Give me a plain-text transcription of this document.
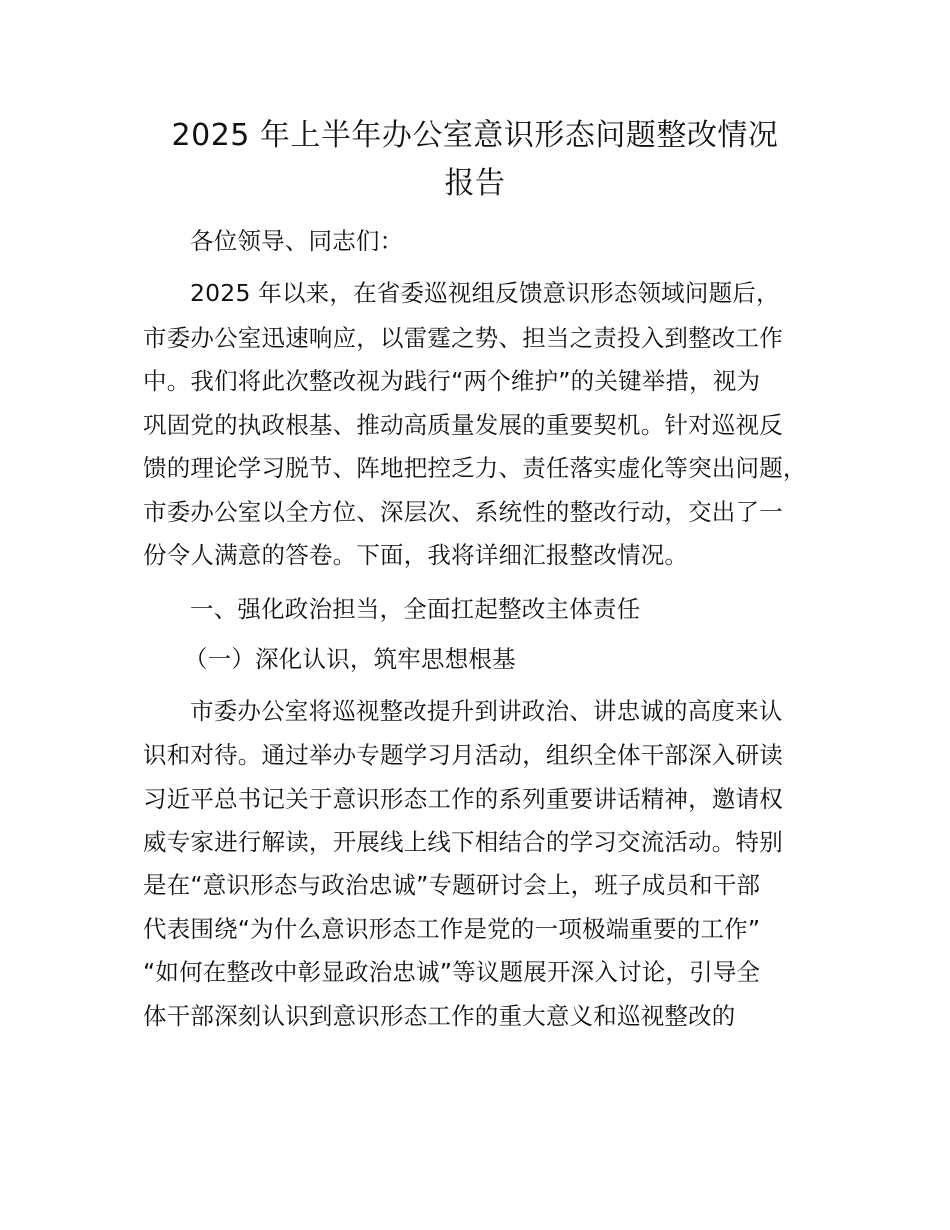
2025 年上半年办公室意识形态问题整改情况
报告
各位领导、同志们：
2025 年以来，在省委巡视组反馈意识形态领域问题后，
市委办公室迅速响应，以雷霆之势、担当之责投入到整改工作
中。我们将此次整改视为践行“两个维护”的关键举措，视为
巩固党的执政根基、推动高质量发展的重要契机。针对巡视反
馈的理论学习脱节、阵地把控乏力、责任落实虚化等突出问题，
市委办公室以全方位、深层次、系统性的整改行动，交出了一
份令人满意的答卷。下面，我将详细汇报整改情况。
一、强化政治担当，全面扛起整改主体责任
（一）深化认识，筑牢思想根基
市委办公室将巡视整改提升到讲政治、讲忠诚的高度来认
识和对待。通过举办专题学习月活动，组织全体干部深入研读
习近平总书记关于意识形态工作的系列重要讲话精神，邀请权
威专家进行解读，开展线上线下相结合的学习交流活动。特别
是在“意识形态与政治忠诚”专题研讨会上，班子成员和干部
代表围绕“为什么意识形态工作是党的一项极端重要的工作”
“如何在整改中彰显政治忠诚”等议题展开深入讨论，引导全
体干部深刻认识到意识形态工作的重大意义和巡视整改的
